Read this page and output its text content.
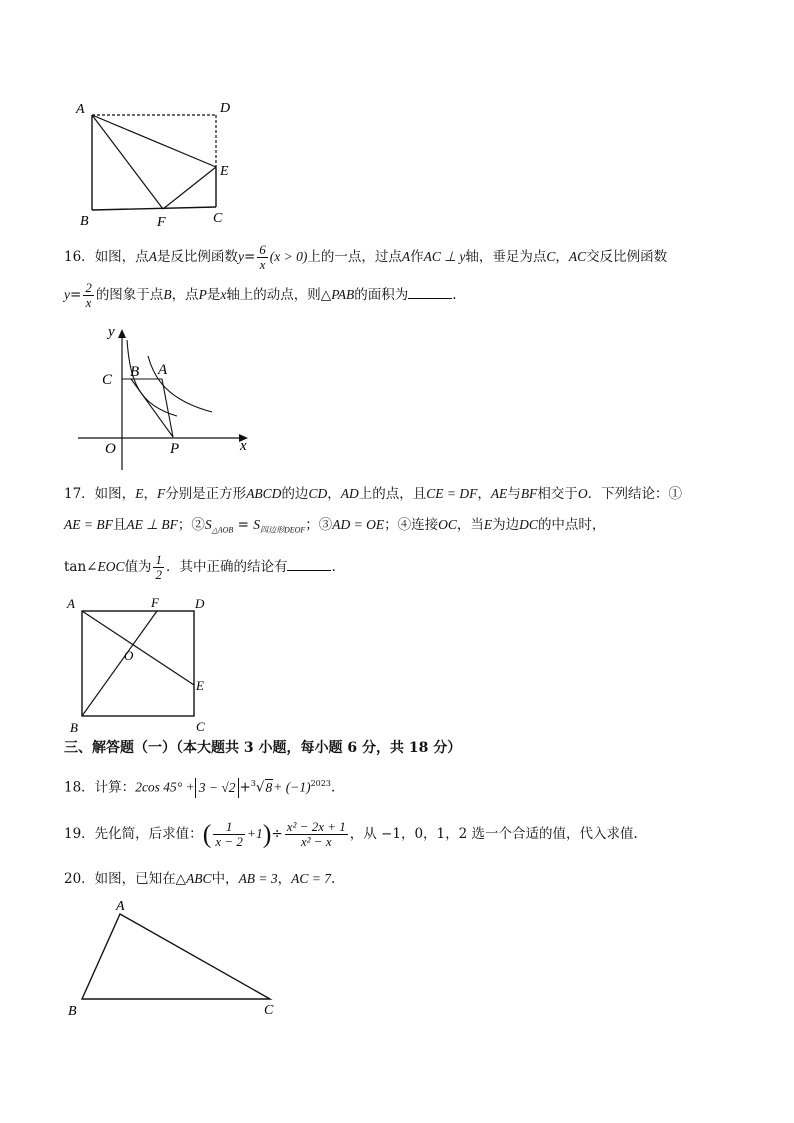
A	D
E
B	F	C
16．如图，点A是反比例函数$y= \frac{6}{x} (x > 0)$上的一点，过点A作AC ⊥ y轴，垂足为点C，AC交反比例函数
$y= \frac{2}{x}$ 的图象于点B，点P是x轴上的动点，则△PAB的面积为	.
y
C B A
O	P	x
17．如图，E，F分别是正方形ABCD的边CD，AD上的点，且CE = DF，AE与BF相交于O．下列结论：①
AE = BF且AE ⊥ BF；$②S_{\triangle AOB} = S_{四边形DEOF}$；③AD = OE；④连接OC，当E为边DC的中点时，
tan∠EOC值为 $\frac{1}{2}$ ．其中正确的结论有	.
A	F	D
O
E
B	C
三、解答题（一）（本大题共 3 小题，每小题 6 分，共 18 分）
18．计算：2cos $45^\circ + 3 - √2 +^3√8+ (-1)^{2023}$.
19．先化简，后求值：( $\frac{1}{x - 2} +1)\div \frac{\text{x² − 2x + 1}}{\text{x² − x}}$ ，从 −1，0，1，2 选一个合适的值，代入求值.
20．如图，已知在△ABC中，AB = 3，AC = 7.
A
B	C
